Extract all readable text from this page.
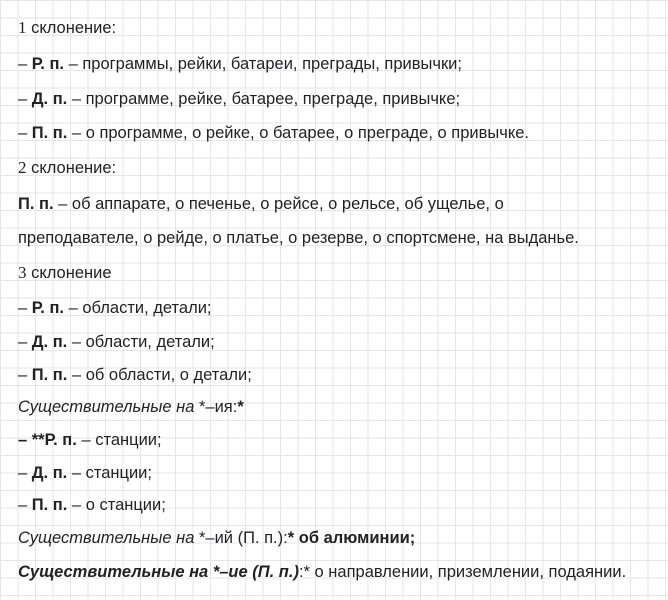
1 склонение:
– Р. п. – программы, рейки, батареи, преграды, привычки;
– Д. п. – программе, рейке, батарее, преграде, привычке;
– П. п. – о программе, о рейке, о батарее, о преграде, о привычке.
2 склонение:
П. п. – об аппарате, о печенье, о рейсе, о рельсе, об ущелье, о
преподавателе, о рейде, о платье, о резерве, о спортсмене, на выданье.
3 склонение
– Р. п. – области, детали;
– Д. п. – области, детали;
– П. п. – об области, о детали;
Существительные на *–ия:*
– **Р. п. – станции;
– Д. п. – станции;
– П. п. – о станции;
Существительные на *–ий (П. п.):* об алюминии;
Существительные на *–ие (П. п.):* о направлении, приземлении, подаянии.
